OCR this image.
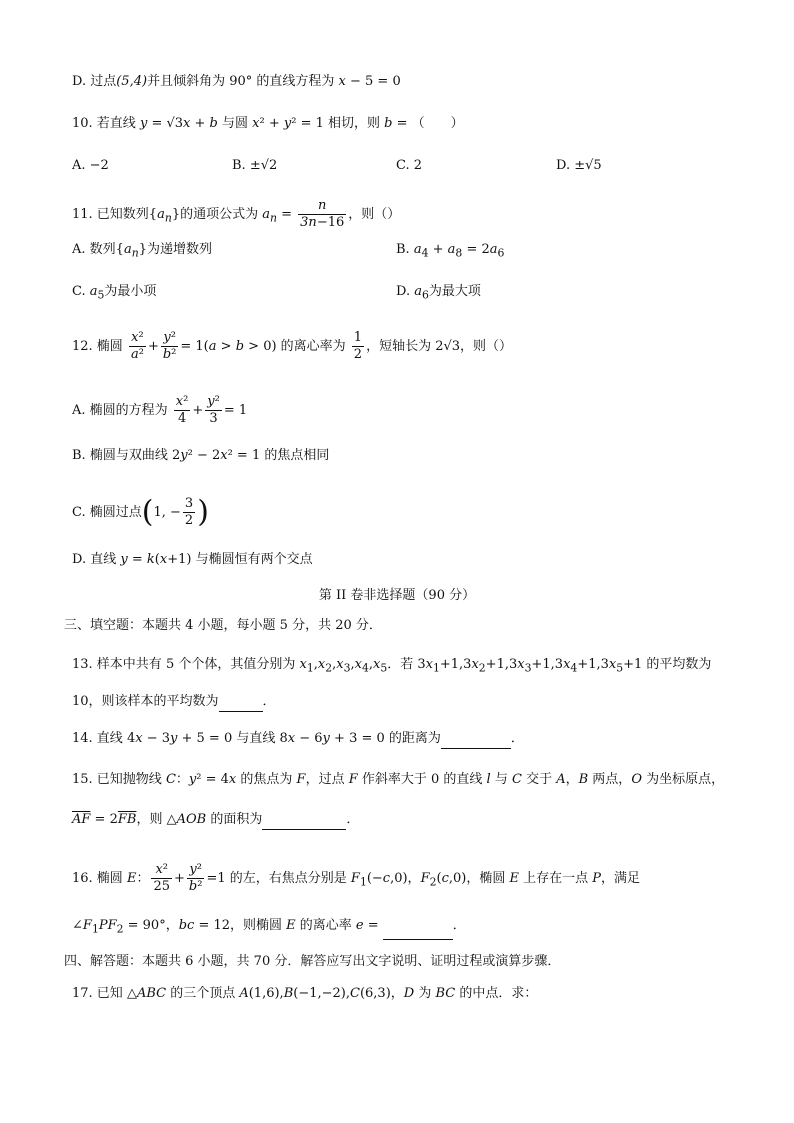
D. 过点(5,4)并且倾斜角为 90° 的直线方程为 x − 5 = 0
10. 若直线 y = √3x + b 与圆 x² + y² = 1 相切，则 b = （　　）
A. −2	B. ±√2	C. 2	D. ±√5
11. 已知数列$\{a_n\}$的通项公式为 $a_n = \frac{n}{3n-16}$ ，则（）
A. 数列$\{a_n\}$为递增数列	B. $a_4 + a_8 = 2a_6$
C. $a_5$为最小项	D. $a_6$为最大项
12. 椭圆 $\frac{\text{x²}}{\text{a²}} + \frac{\text{y²}}{\text{b²}} = 1(a > b > 0)$ 的离心率为 $\frac{1}{2}$ ，短轴长为 2√3，则（）
A. 椭圆的方程为 $\frac{\text{x²}}{4} + \frac{\text{y²}}{3} = 1$
B. 椭圆与双曲线 2y² − 2x² = 1 的焦点相同
C. 椭圆过点(1, − $\frac{3}{2}$ )
D. 直线 y = k(x+1) 与椭圆恒有两个交点
第 II 卷非选择题（90 分）
三、填空题：本题共 4 小题，每小题 5 分，共 20 分．
13. 样本中共有 5 个个体，其值分别为 $x_1,x_2,x_3,x_4,x_5$．若 $3x_1+1,3x_2+1,3x_3+1,3x_4+1,3x_5+1$ 的平均数为
10，则该样本的平均数为	．
14. 直线 4x − 3y + 5 = 0 与直线 8x − 6y + 3 = 0 的距离为	．
15. 已知抛物线 C：y² = 4x 的焦点为 F，过点 F 作斜率大于 0 的直线 l 与 C 交于 A，B 两点，O 为坐标原点，
$\overline{AF} = 2\overline{FB}$，则 △AOB 的面积为	．
16. 椭圆 E： $\frac{\text{x²}}{25} + \frac{\text{y²}}{\text{b²}} =1$ 的左，右焦点分别是 $F_1(-c,0)$，$F_2(c,0)$，椭圆 E 上存在一点 P，满足
$\angle F_1PF_2 = 90^\circ$，bc = 12，则椭圆 E 的离心率 e =	．
四、解答题：本题共 6 小题，共 70 分．解答应写出文字说明、证明过程或演算步骤．
17. 已知 △ABC 的三个顶点 A(1,6),B(−1,−2),C(6,3)，D 为 BC 的中点．求：
